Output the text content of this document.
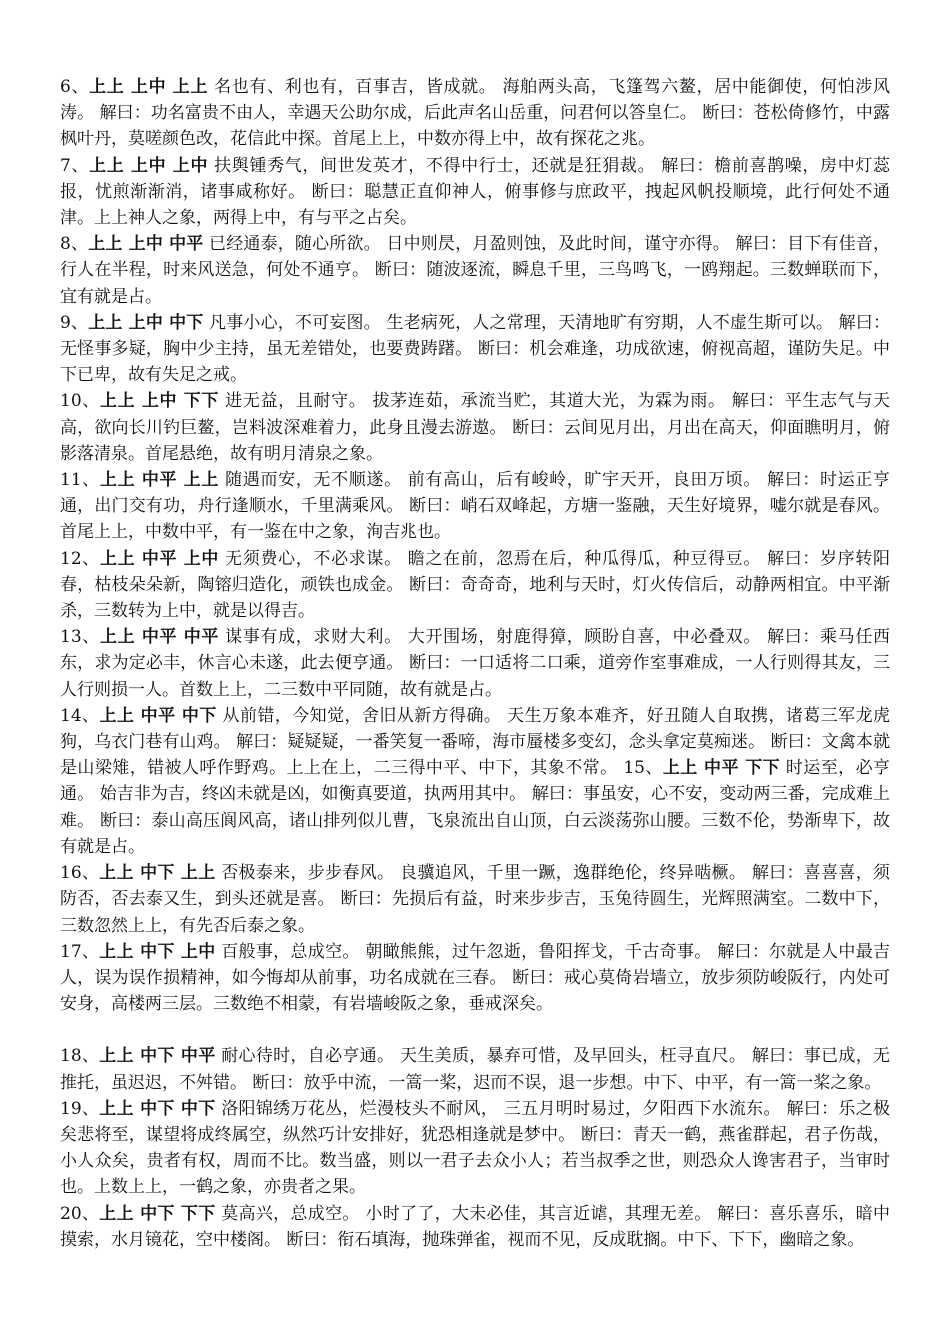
6、上上 上中 上上 名也有、利也有，百事吉，皆成就。 海舶两头高，飞篷驾六鳌，居中能御使，何怕涉风涛。 解曰：功名富贵不由人，幸遇天公助尔成，后此声名山岳重，问君何以答皇仁。 断曰：苍松倚修竹，中露枫叶丹，莫嗟颜色改，花信此中探。首尾上上，中数亦得上中，故有探花之兆。

7、上上 上中 上中 扶舆锺秀气，间世发英才，不得中行士，还就是狂狷裁。 解曰：檐前喜鹊噪，房中灯蕊报，忧煎渐渐消，诸事咸称好。 断曰：聪慧正直仰神人，俯事修与庶政平，拽起风帆投顺境，此行何处不通津。上上神人之象，两得上中，有与平之占矣。

8、上上 上中 中平 已经通泰，随心所欲。 日中则昃，月盈则蚀，及此时间，谨守亦得。 解曰：目下有佳音，行人在半程，时来风送急，何处不通亨。 断曰：随波逐流，瞬息千里，三鸟鸣飞，一鸥翔起。三数蝉联而下，宜有就是占。

9、上上 上中 中下 凡事小心，不可妄图。 生老病死，人之常理，天清地旷有穷期，人不虚生斯可以。 解曰：无怪事多疑，胸中少主持，虽无差错处，也要费踌躇。 断曰：机会难逢，功成欲速，俯视高超，谨防失足。中下已卑，故有失足之戒。

10、上上 上中 下下 进无益，且耐守。 拔茅连茹，承流当贮，其道大光，为霖为雨。 解曰：平生志气与天高，欲向长川钓巨鳌，岂料波深难着力，此身且漫去游遨。 断曰：云间见月出，月出在高天，仰面瞧明月，俯影落清泉。首尾悬绝，故有明月清泉之象。

11、上上 中平 上上 随遇而安，无不顺遂。 前有高山，后有峻岭，旷宇天开，良田万顷。 解曰：时运正亨通，出门交有功，舟行逢顺水，千里满乘风。 断曰：峭石双峰起，方塘一鉴融，天生好境界，嘘尔就是春风。首尾上上，中数中平，有一鉴在中之象，洵吉兆也。

12、上上 中平 上中 无须费心，不必求谋。 瞻之在前，忽焉在后，种瓜得瓜，种豆得豆。 解曰：岁序转阳春，枯枝朵朵新，陶镕归造化，顽铁也成金。 断曰：奇奇奇，地利与天时，灯火传信后，动静两相宜。中平渐杀，三数转为上中，就是以得吉。

13、上上 中平 中平 谋事有成，求财大利。 大开围场，射鹿得獐，顾盼自喜，中必叠双。 解曰：乘马任西东，求为定必丰，休言心未遂，此去便亨通。 断曰：一口适将二口乘，道旁作室事难成，一人行则得其友，三人行则损一人。首数上上，二三数中平同随，故有就是占。

14、上上 中平 中下 从前错，今知觉，舍旧从新方得确。 天生万象本难齐，好丑随人自取携，诸葛三军龙虎狗，乌衣门巷有山鸡。 解曰：疑疑疑，一番笑复一番啼，海市蜃楼多变幻，念头拿定莫痴迷。 断曰：文禽本就是山梁雉，错被人呼作野鸡。上上在上，二三得中平、中下，其象不常。 15、上上 中平 下下 时运至，必亨通。 始吉非为吉，终凶未就是凶，如衡真要道，执两用其中。 解曰：事虽安，心不安，变动两三番，完成难上难。 断曰：泰山高压阆风高，诸山排列似儿曹，飞泉流出自山顶，白云淡荡弥山腰。三数不伦，势渐卑下，故有就是占。

16、上上 中下 上上 否极泰来，步步春风。 良骥追风，千里一蹶，逸群绝伦，终异啮橛。 解曰：喜喜喜，须防否，否去泰又生，到头还就是喜。 断曰：先损后有益，时来步步吉，玉兔待圆生，光辉照满室。二数中下，三数忽然上上，有先否后泰之象。

17、上上 中下 上中 百般事，总成空。 朝瞰熊熊，过午忽逝，鲁阳挥戈，千古奇事。 解曰：尔就是人中最吉人，误为误作损精神，如今悔却从前事，功名成就在三春。 断曰：戒心莫倚岩墙立，放步须防峻阪行，内处可安身，高楼两三层。三数绝不相蒙，有岩墙峻阪之象，垂戒深矣。

18、上上 中下 中平 耐心待时，自必亨通。 天生美质，暴弃可惜，及早回头，枉寻直尺。 解曰：事已成，无推托，虽迟迟，不舛错。 断曰：放乎中流，一篙一桨，迟而不误，退一步想。中下、中平，有一篙一桨之象。

19、上上 中下 中下 洛阳锦绣万花丛，烂漫枝头不耐风， 三五月明时易过，夕阳西下水流东。 解曰：乐之极矣悲将至，谋望将成终属空，纵然巧计安排好，犹恐相逢就是梦中。 断曰：青天一鹤，燕雀群起，君子伤哉，小人众矣，贵者有权，周而不比。数当盛，则以一君子去众小人；若当叔季之世，则恐众人谗害君子，当审时也。上数上上，一鹤之象，亦贵者之果。

20、上上 中下 下下 莫高兴，总成空。 小时了了，大未必佳，其言近谑，其理无差。 解曰：喜乐喜乐，暗中摸索，水月镜花，空中楼阁。 断曰：衔石填海，抛珠弹雀，视而不见，反成耽搁。中下、下下，幽暗之象。
